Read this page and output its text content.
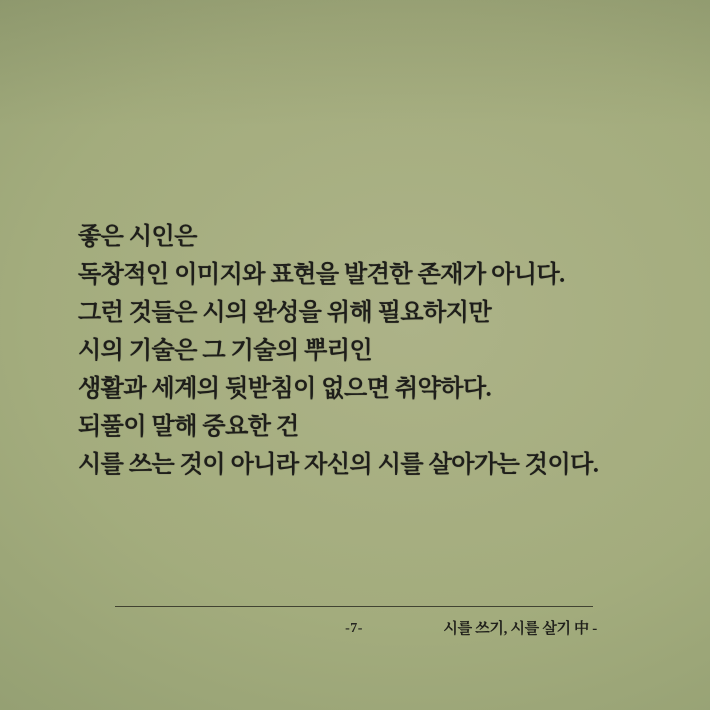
좋은 시인은
독창적인 이미지와 표현을 발견한 존재가 아니다.
그런 것들은 시의 완성을 위해 필요하지만
시의 기술은 그 기술의 뿌리인
생활과 세계의 뒷받침이 없으면 취약하다.
되풀이 말해 중요한 건
시를 쓰는 것이 아니라 자신의 시를 살아가는 것이다.
-7-	시를 쓰기, 시를 살기 中 -
